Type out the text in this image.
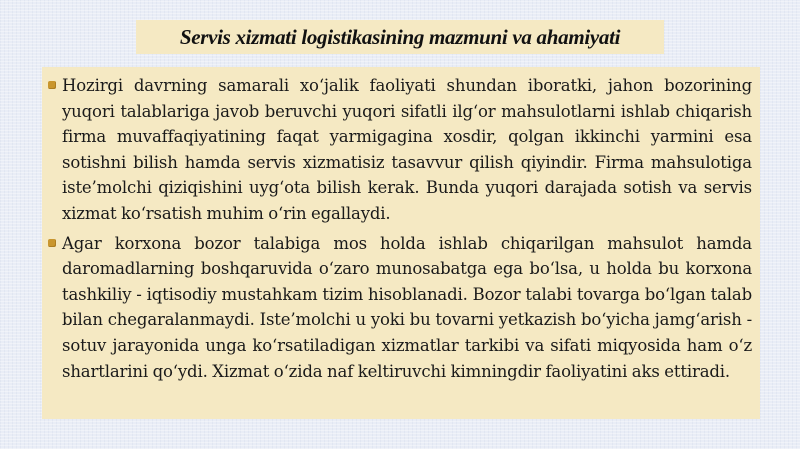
Servis xizmati logistikasining mazmuni va ahamiyati
Hozirgi davrning samarali xo‘jalik faoliyati shundan iboratki, jahon bozorining yuqori talablariga javob beruvchi yuqori sifatli ilg‘or mahsulotlarni ishlab chiqarish firma muvaffaqiyatining faqat yarmigagina xosdir, qolgan ikkinchi yarmini esa sotishni bilish hamda servis xizmatisiz tasavvur qilish qiyindir. Firma mahsulotiga iste’molchi qiziqishini uyg‘ota bilish kerak. Bunda yuqori darajada sotish va servis xizmat ko‘rsatish muhim o‘rin egallaydi.
Agar korxona bozor talabiga mos holda ishlab chiqarilgan mahsulot hamda daromadlarning boshqaruvida o‘zaro munosabatga ega bo‘lsa, u holda bu korxona tashkiliy - iqtisodiy mustahkam tizim hisoblanadi. Bozor talabi tovarga bo‘lgan talab bilan chegaralanmaydi. Iste’molchi u yoki bu tovarni yetkazish bo‘yicha jamg‘arish - sotuv jarayonida unga ko‘rsatiladigan xizmatlar tarkibi va sifati miqyosida ham o‘z shartlarini qo‘ydi. Xizmat o‘zida naf keltiruvchi kimningdir faoliyatini aks ettiradi.
